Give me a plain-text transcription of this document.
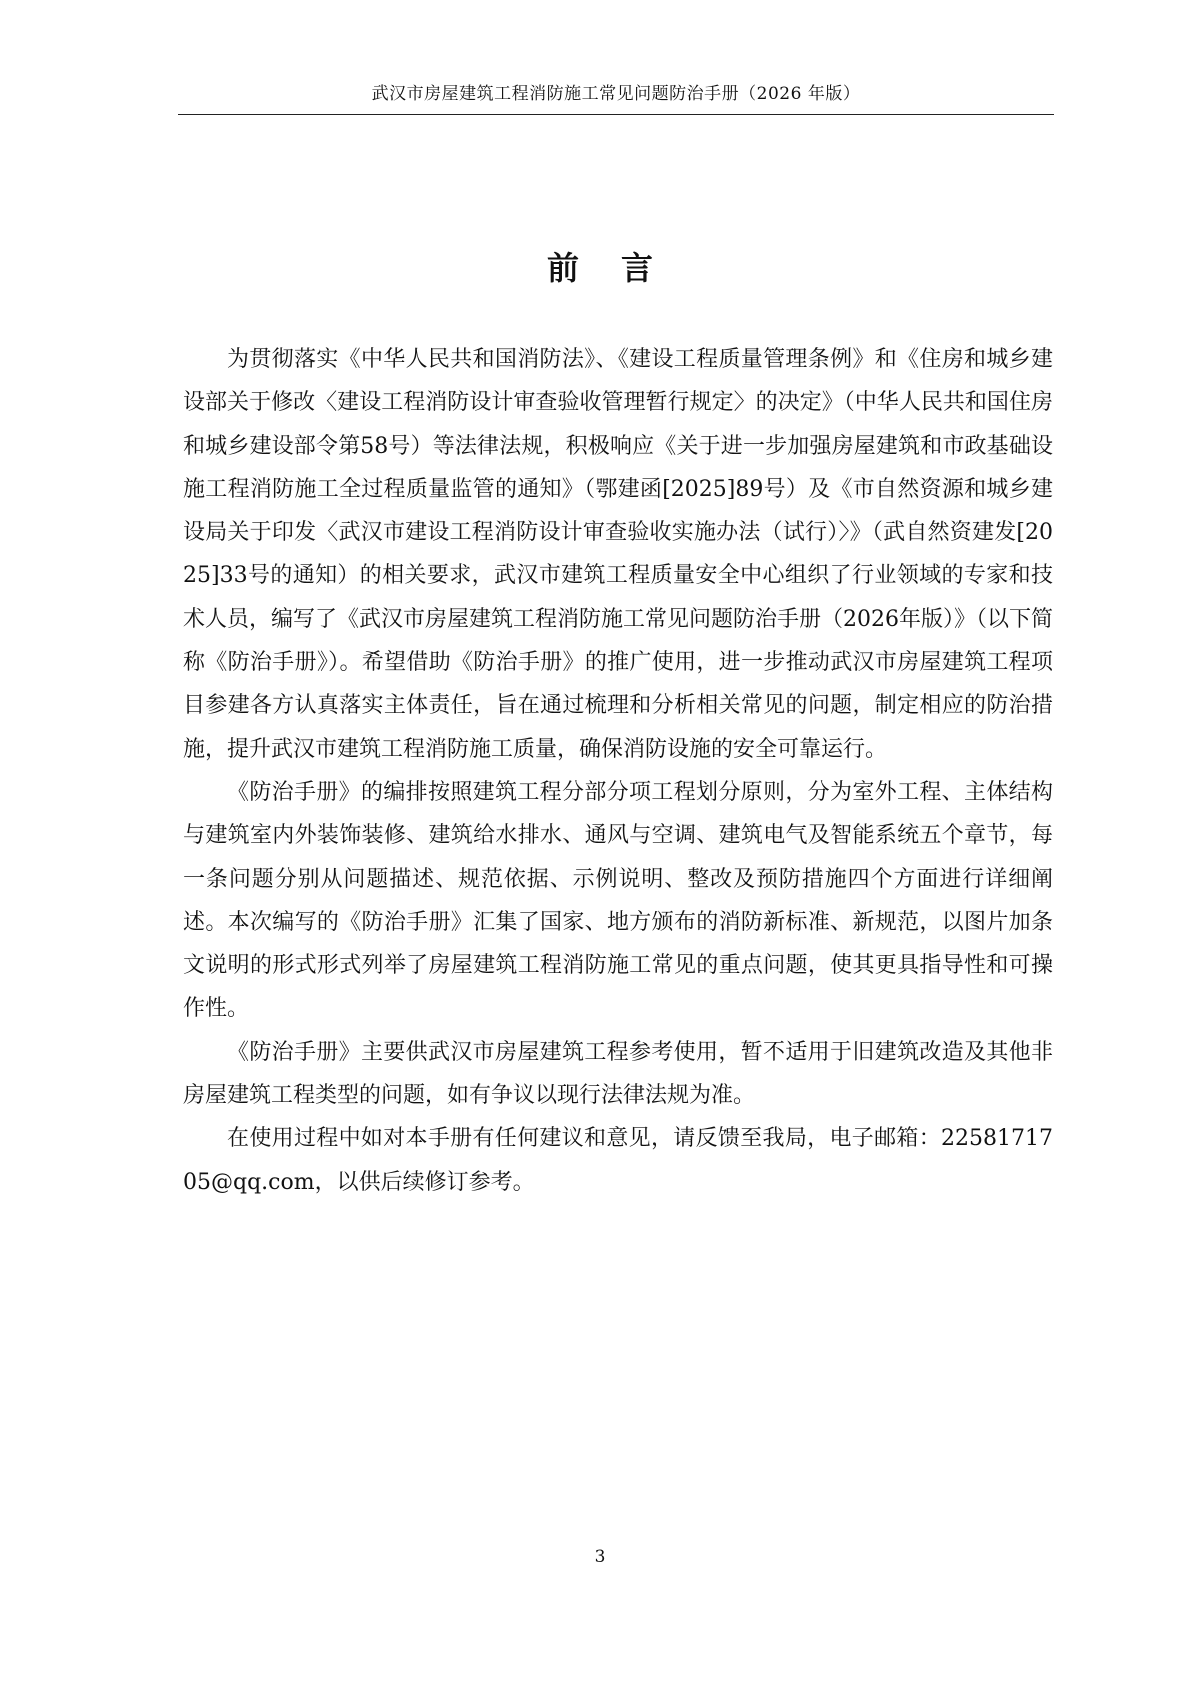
武汉市房屋建筑工程消防施工常见问题防治手册（2026 年版）
前 言

为贯彻落实《中华人民共和国消防法》、《建设工程质量管理条例》和《住房和城乡建设部关于修改〈建设工程消防设计审查验收管理暂行规定〉的决定》（中华人民共和国住房和城乡建设部令第58号）等法律法规，积极响应《关于进一步加强房屋建筑和市政基础设施工程消防施工全过程质量监管的通知》（鄂建函[2025]89号）及《市自然资源和城乡建设局关于印发〈武汉市建设工程消防设计审查验收实施办法（试行）〉》（武自然资建发[2025]33号的通知）的相关要求，武汉市建筑工程质量安全中心组织了行业领域的专家和技术人员，编写了《武汉市房屋建筑工程消防施工常见问题防治手册（2026年版）》（以下简称《防治手册》）。希望借助《防治手册》的推广使用，进一步推动武汉市房屋建筑工程项目参建各方认真落实主体责任，旨在通过梳理和分析相关常见的问题，制定相应的防治措施，提升武汉市建筑工程消防施工质量，确保消防设施的安全可靠运行。

《防治手册》的编排按照建筑工程分部分项工程划分原则，分为室外工程、主体结构与建筑室内外装饰装修、建筑给水排水、通风与空调、建筑电气及智能系统五个章节，每一条问题分别从问题描述、规范依据、示例说明、整改及预防措施四个方面进行详细阐述。本次编写的《防治手册》汇集了国家、地方颁布的消防新标准、新规范，以图片加条文说明的形式形式列举了房屋建筑工程消防施工常见的重点问题，使其更具指导性和可操作性。

《防治手册》主要供武汉市房屋建筑工程参考使用，暂不适用于旧建筑改造及其他非房屋建筑工程类型的问题，如有争议以现行法律法规为准。

在使用过程中如对本手册有任何建议和意见，请反馈至我局，电子邮箱：2258171705@qq.com，以供后续修订参考。

3
